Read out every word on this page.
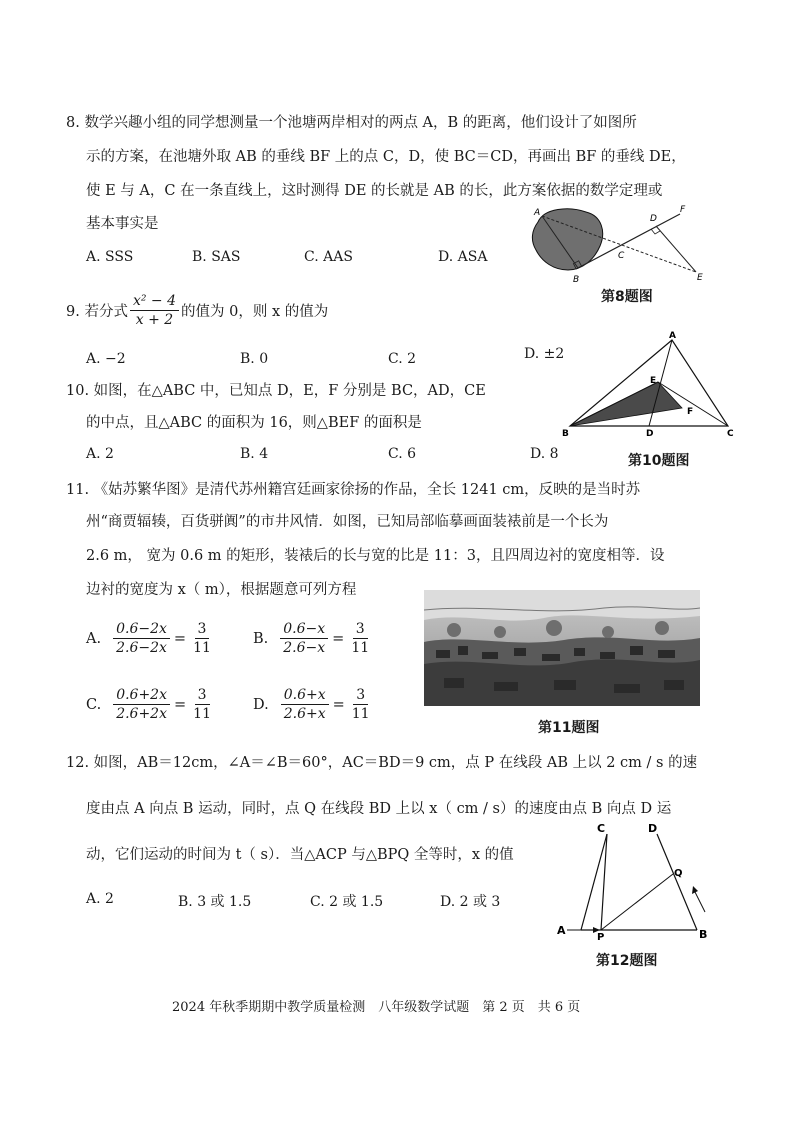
8. 数学兴趣小组的同学想测量一个池塘两岸相对的两点 A，B 的距离，他们设计了如图所
示的方案，在池塘外取 AB 的垂线 BF 上的点 C，D，使 BC＝CD，再画出 BF 的垂线 DE，
使 E 与 A，C 在一条直线上，这时测得 DE 的长就是 AB 的长，此方案依据的数学定理或
基本事实是
A. SSS	B. SAS	C. AAS	D. ASA
A
B
C
D
E
F
第8题图
9. 若分式 $\frac{\text{x² − 4}}{x + 2}$ 的值为 0，则 x 的值为
A. −2	B. 0	C. 2	D. ±2
10. 如图，在△ABC 中，已知点 D，E，F 分别是 BC，AD，CE
的中点，且△ABC 的面积为 16，则△BEF 的面积是
A. 2	B. 4	C. 6	D. 8
A
B	C
D
E
F
第10题图
11. 《姑苏繁华图》是清代苏州籍宫廷画家徐扬的作品，全长 1241 cm，反映的是当时苏
州“商贾辐辏，百货骈阗”的市井风情．如图，已知局部临摹画面装裱前是一个长为
2.6 m， 宽为 0.6 m 的矩形，装裱后的长与宽的比是 11：3，且四周边衬的宽度相等．设
边衬的宽度为 x（ m），根据题意可列方程
A. $\frac{0.6-2x}{2.6-2x} = \frac{3}{11}$	B. $\frac{0.6-x}{2.6-x} = \frac{3}{11}$
C. $\frac{0.6+2x}{2.6+2x} = \frac{3}{11}$	D. $\frac{0.6+x}{2.6+x} = \frac{3}{11}$
第11题图
12. 如图，AB＝12cm，∠A＝∠B＝60°，AC＝BD＝9 cm，点 P 在线段 AB 上以 2 cm / s 的速
度由点 A 向点 B 运动，同时，点 Q 在线段 BD 上以 x（ cm / s）的速度由点 B 向点 D 运
动，它们运动的时间为 t（ s）．当△ACP 与△BPQ 全等时，x 的值
A. 2	B. 3 或 1.5	C. 2 或 1.5	D. 2 或 3
A	B
C	D
P
Q
第12题图
2024 年秋季期期中教学质量检测　八年级数学试题　第 2 页　共 6 页
